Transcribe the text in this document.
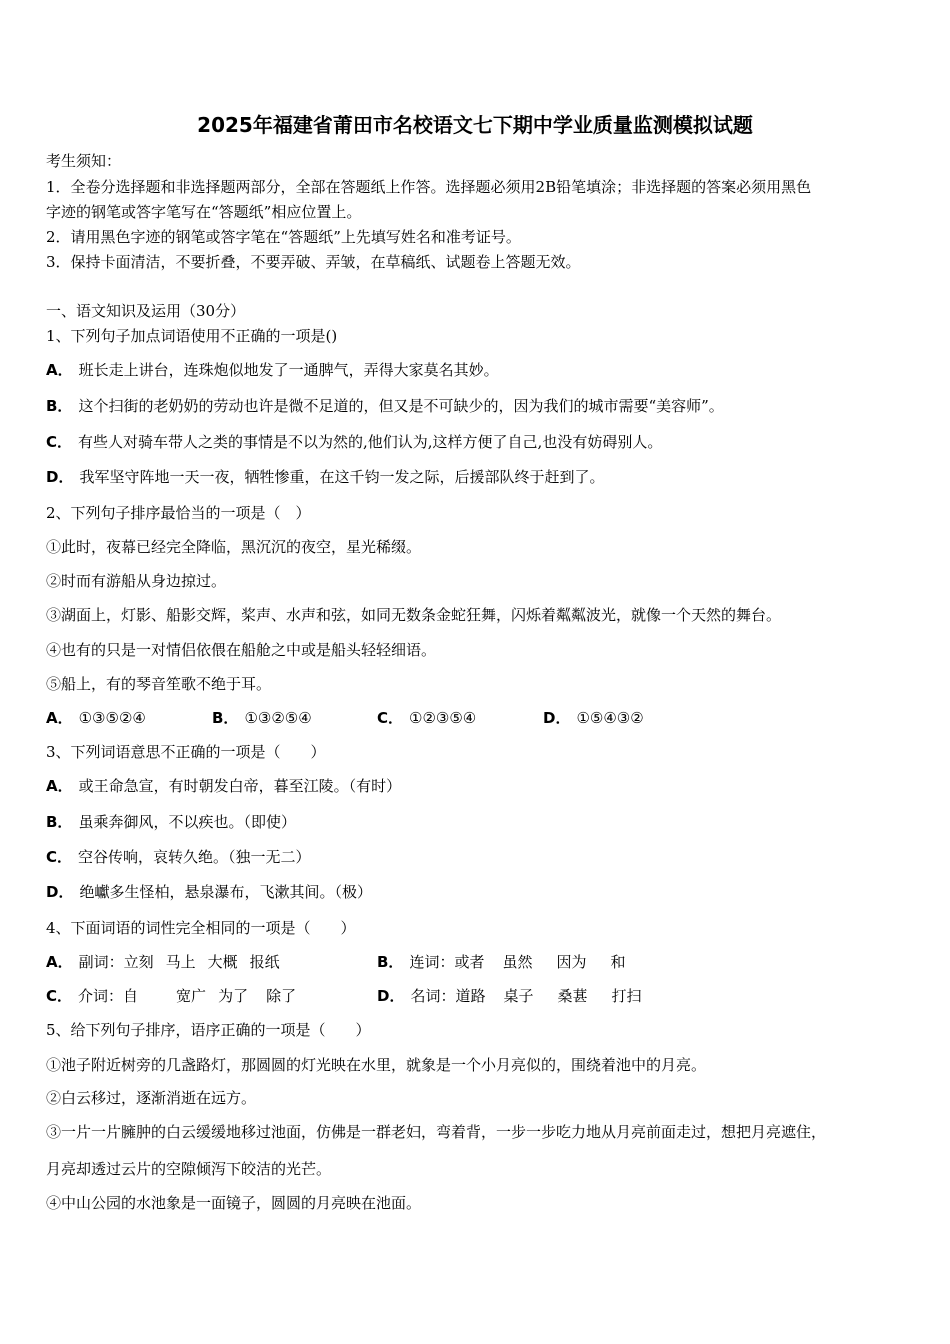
2025年福建省莆田市名校语文七下期中学业质量监测模拟试题
考生须知：
1．全卷分选择题和非选择题两部分，全部在答题纸上作答。选择题必须用2B铅笔填涂；非选择题的答案必须用黑色
字迹的钢笔或答字笔写在“答题纸”相应位置上。
2．请用黑色字迹的钢笔或答字笔在“答题纸”上先填写姓名和准考证号。
3．保持卡面清洁，不要折叠，不要弄破、弄皱，在草稿纸、试题卷上答题无效。
一、语文知识及运用（30分）
1、下列句子加点词语使用不正确的一项是()
A． 班长走上讲台，连珠炮似地发了一通脾气，弄得大家莫名其妙。
B． 这个扫街的老奶奶的劳动也许是微不足道的，但又是不可缺少的，因为我们的城市需要“美容师”。
C． 有些人对骑车带人之类的事情是不以为然的,他们认为,这样方便了自己,也没有妨碍别人。
D． 我军坚守阵地一天一夜，牺牲惨重，在这千钧一发之际，后援部队终于赶到了。
2、下列句子排序最恰当的一项是（　）
①此时，夜幕已经完全降临，黑沉沉的夜空，星光稀缀。
②时而有游船从身边掠过。
③湖面上，灯影、船影交辉，桨声、水声和弦，如同无数条金蛇狂舞，闪烁着粼粼波光，就像一个天然的舞台。
④也有的只是一对情侣依偎在船舱之中或是船头轻轻细语。
⑤船上，有的琴音笙歌不绝于耳。
A． ①③⑤②④	B． ①③②⑤④	C． ①②③⑤④	D． ①⑤④③②
3、下列词语意思不正确的一项是（　　）
A． 或王命急宣，有时朝发白帝，暮至江陵。（有时）
B． 虽乘奔御风，不以疾也。（即使）
C． 空谷传响，哀转久绝。（独一无二）
D． 绝巘多生怪柏，悬泉瀑布，飞漱其间。（极）
4、下面词语的词性完全相同的一项是（　　）
A． 副词：立刻 马上 大概 报纸	B． 连词：或者 虽然 因为 和
C． 介词：自	宽广 为了 除了	D． 名词：道路 桌子 桑葚 打扫
5、给下列句子排序，语序正确的一项是（　　）
①池子附近树旁的几盏路灯，那圆圆的灯光映在水里，就象是一个小月亮似的，围绕着池中的月亮。
②白云移过，逐渐消逝在远方。
③一片一片臃肿的白云缓缓地移过池面，仿佛是一群老妇，弯着背，一步一步吃力地从月亮前面走过，想把月亮遮住，
月亮却透过云片的空隙倾泻下皎洁的光芒。
④中山公园的水池象是一面镜子，圆圆的月亮映在池面。
